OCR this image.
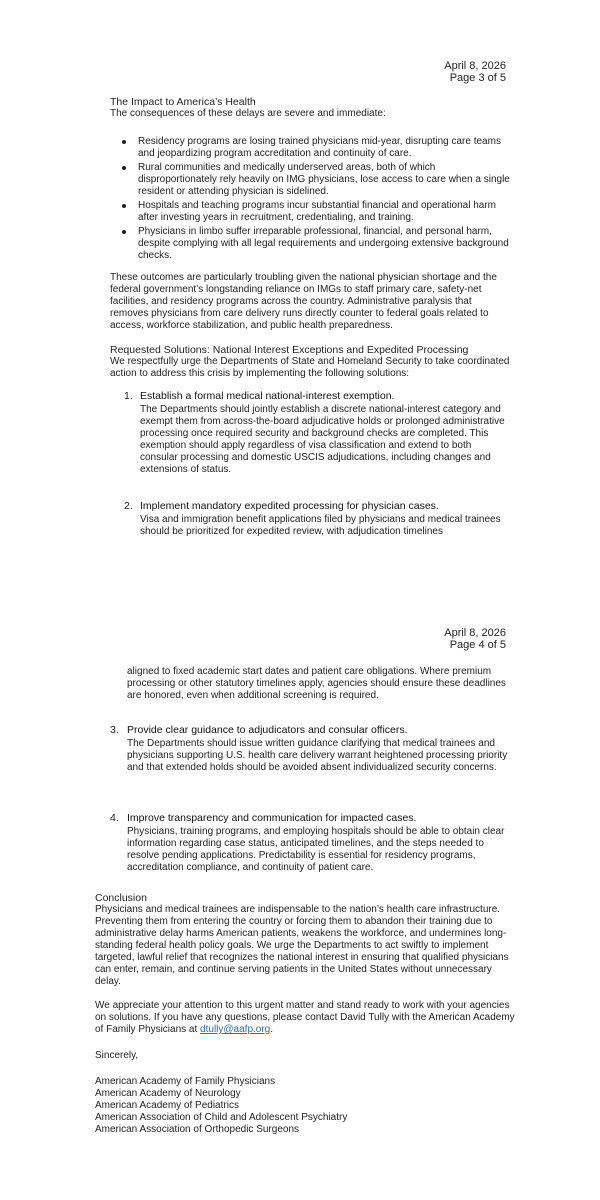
April 8, 2026
Page 3 of 5
The Impact to America’s Health

The consequences of these delays are severe and immediate:

Residency programs are losing trained physicians mid-year, disrupting care teams and jeopardizing program accreditation and continuity of care.
Rural communities and medically underserved areas, both of which disproportionately rely heavily on IMG physicians, lose access to care when a single resident or attending physician is sidelined.
Hospitals and teaching programs incur substantial financial and operational harm after investing years in recruitment, credentialing, and training.
Physicians in limbo suffer irreparable professional, financial, and personal harm, despite complying with all legal requirements and undergoing extensive background checks.

These outcomes are particularly troubling given the national physician shortage and the federal government’s longstanding reliance on IMGs to staff primary care, safety-net facilities, and residency programs across the country. Administrative paralysis that removes physicians from care delivery runs directly counter to federal goals related to access, workforce stabilization, and public health preparedness.

Requested Solutions: National Interest Exceptions and Expedited Processing

We respectfully urge the Departments of State and Homeland Security to take coordinated action to address this crisis by implementing the following solutions:

1. Establish a formal medical national-interest exemption.
The Departments should jointly establish a discrete national-interest category and exempt them from across-the-board adjudicative holds or prolonged administrative processing once required security and background checks are completed. This exemption should apply regardless of visa classification and extend to both consular processing and domestic USCIS adjudications, including changes and extensions of status.
2. Implement mandatory expedited processing for physician cases.
Visa and immigration benefit applications filed by physicians and medical trainees should be prioritized for expedited review, with adjudication timelines
April 8, 2026
Page 4 of 5
aligned to fixed academic start dates and patient care obligations. Where premium processing or other statutory timelines apply, agencies should ensure these deadlines are honored, even when additional screening is required.
3. Provide clear guidance to adjudicators and consular officers.
The Departments should issue written guidance clarifying that medical trainees and physicians supporting U.S. health care delivery warrant heightened processing priority and that extended holds should be avoided absent individualized security concerns.
4. Improve transparency and communication for impacted cases.
Physicians, training programs, and employing hospitals should be able to obtain clear information regarding case status, anticipated timelines, and the steps needed to resolve pending applications. Predictability is essential for residency programs, accreditation compliance, and continuity of patient care.
Conclusion

Physicians and medical trainees are indispensable to the nation’s health care infrastructure. Preventing them from entering the country or forcing them to abandon their training due to administrative delay harms American patients, weakens the workforce, and undermines long-standing federal health policy goals. We urge the Departments to act swiftly to implement targeted, lawful relief that recognizes the national interest in ensuring that qualified physicians can enter, remain, and continue serving patients in the United States without unnecessary delay.

We appreciate your attention to this urgent matter and stand ready to work with your agencies on solutions. If you have any questions, please contact David Tully with the American Academy of Family Physicians at dtully@aafp.org.

Sincerely,

American Academy of Family Physicians
American Academy of Neurology
American Academy of Pediatrics
American Association of Child and Adolescent Psychiatry
American Association of Orthopedic Surgeons
